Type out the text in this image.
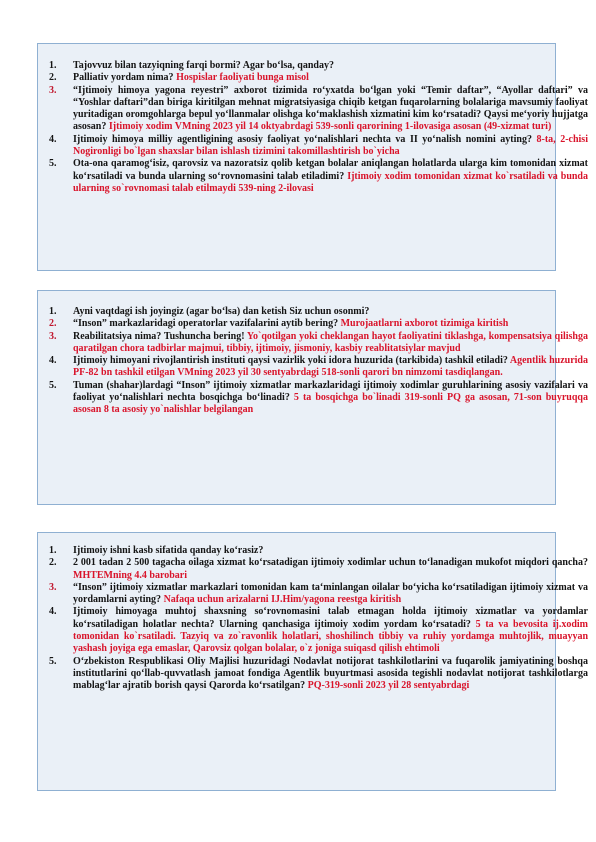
1.	Tajovvuz bilan tazyiqning farqi bormi? Agar bo‘lsa, qanday?
2.	Palliativ yordam nima? Hospislar faoliyati bunga misol
3.	“Ijtimoiy himoya yagona reyestri” axborot tizimida ro‘yxatda bo‘lgan yoki “Temir daftar”, “Ayollar daftari” va “Yoshlar daftari”dan biriga kiritilgan mehnat migratsiyasiga chiqib ketgan fuqarolarning bolalariga mavsumiy faoliyat yuritadigan oromgohlarga bepul yo‘llanmalar olishga ko‘maklashish xizmatini kim ko‘rsatadi? Qaysi me‘yoriy hujjatga asosan? Ijtimoiy xodim VMning 2023 yil 14 oktyabrdagi 539-sonli qarorining 1-ilovasiga asosan (49-xizmat turi)
4.	Ijtimoiy himoya milliy agentligining asosiy faoliyat yo‘nalishlari nechta va II yo‘nalish nomini ayting? 8-ta, 2-chisi Nogironligi bo`lgan shaxslar bilan ishlash tizimini takomillashtirish bo`yicha
5.	Ota-ona qaramog‘isiz, qarovsiz va nazoratsiz qolib ketgan bolalar aniqlangan holatlarda ularga kim tomonidan xizmat ko‘rsatiladi va bunda ularning so‘rovnomasini talab etiladimi? Ijtimoiy xodim tomonidan xizmat ko`rsatiladi va bunda ularning so`rovnomasi talab etilmaydi 539-ning 2-ilovasi
1.	Ayni vaqtdagi ish joyingiz (agar bo‘lsa) dan ketish Siz uchun osonmi?
2.	“Inson” markazlaridagi operatorlar vazifalarini aytib bering? Murojaatlarni axborot tizimiga kiritish
3.	Reabilitatsiya nima? Tushuncha bering! Yo`qotilgan yoki cheklangan hayot faoliyatini tiklashga, kompensatsiya qilishga qaratilgan chora tadbirlar majmui, tibbiy, ijtimoiy, jismoniy, kasbiy reablitatsiylar mavjud
4.	Ijtimoiy himoyani rivojlantirish instituti qaysi vazirlik yoki idora huzurida (tarkibida) tashkil etiladi? Agentlik huzurida PF-82 bn tashkil etilgan VMning 2023 yil 30 sentyabrdagi 518-sonli qarori bn nimzomi tasdiqlangan.
5.	Tuman (shahar)lardagi “Inson” ijtimoiy xizmatlar markazlaridagi ijtimoiy xodimlar guruhlarining asosiy vazifalari va faoliyat yo‘nalishlari nechta bosqichga bo‘linadi? 5 ta bosqichga bo`linadi 319-sonli PQ ga asosan, 71-son buyruqqa asosan 8 ta asosiy yo`nalishlar belgilangan
1.	Ijtimoiy ishni kasb sifatida qanday ko‘rasiz?
2.	2 001 tadan 2 500 tagacha oilaga xizmat ko‘rsatadigan ijtimoiy xodimlar uchun to‘lanadigan mukofot miqdori qancha? MHTEMning 4.4 barobari
3.	“Inson” ijtimoiy xizmatlar markazlari tomonidan kam ta‘minlangan oilalar bo‘yicha ko‘rsatiladigan ijtimoiy xizmat va yordamlarni ayting? Nafaqa uchun arizalarni IJ.Him/yagona reestga kiritish
4.	Ijtimoiy himoyaga muhtoj shaxsning so‘rovnomasini talab etmagan holda ijtimoiy xizmatlar va yordamlar ko‘rsatiladigan holatlar nechta? Ularning qanchasiga ijtimoiy xodim yordam ko‘rsatadi? 5 ta va bevosita ij.xodim tomonidan ko`rsatiladi. Tazyiq va zo`ravonlik holatlari, shoshilinch tibbiy va ruhiy yordamga muhtojlik, muayyan yashash joyiga ega emaslar, Qarovsiz qolgan bolalar, o`z joniga suiqasd qilish ehtimoli
5.	O‘zbekiston Respublikasi Oliy Majlisi huzuridagi Nodavlat notijorat tashkilotlarini va fuqarolik jamiyatining boshqa institutlarini qo‘llab-quvvatlash jamoat fondiga Agentlik buyurtmasi asosida tegishli nodavlat notijorat tashkilotlarga mablag‘lar ajratib borish qaysi Qarorda ko‘rsatilgan? PQ-319-sonli 2023 yil 28 sentyabrdagi
